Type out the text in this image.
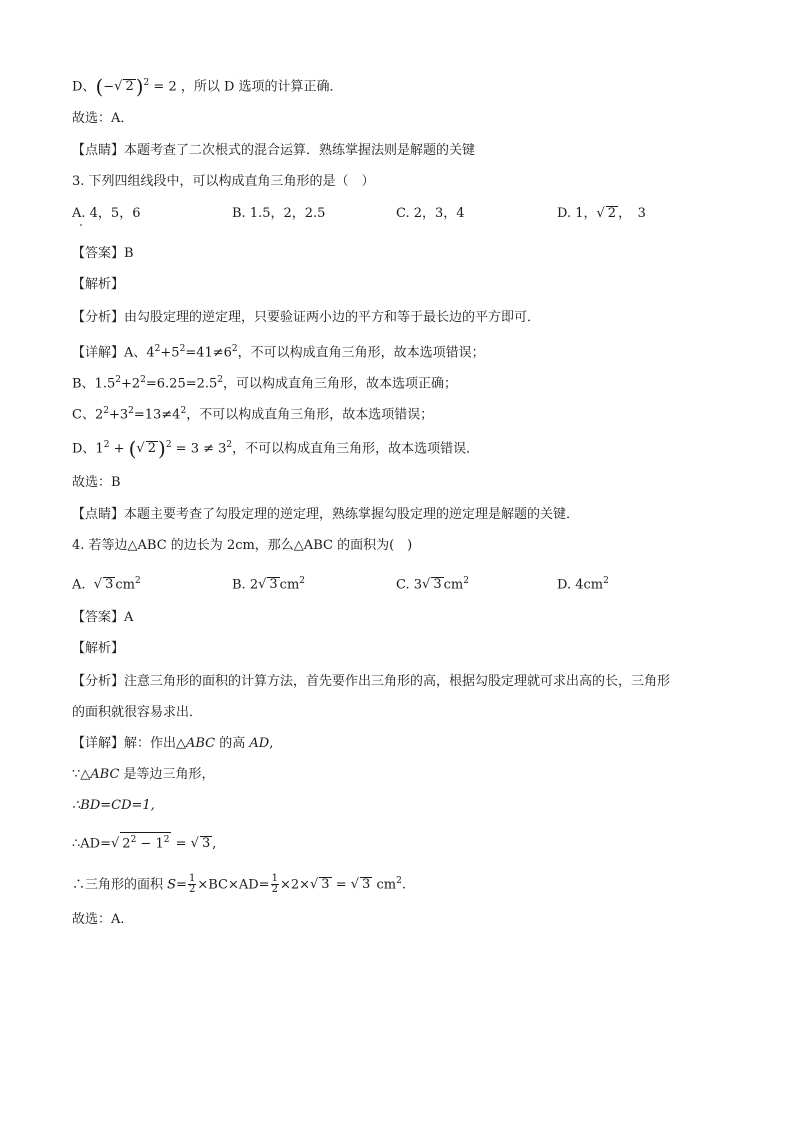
D、(−√ 2 )$^2$ = 2 ，所以 D 选项的计算正确．
故选：A．
【点睛】本题考查了二次根式的混合运算．熟练掌握法则是解题的关键
3. 下列四组线段中，可以构成直角三角形的是（　）
A. 4，5，6	B. 1.5，2，2.5	C. 2，3，4	D. 1，√ 2 ，　3
【答案】B
【解析】
【分析】由勾股定理的逆定理，只要验证两小边的平方和等于最长边的平方即可．
【详解】A、$4^2+5^2=41\ne 6^2$，不可以构成直角三角形，故本选项错误；
B、$1.5^2+2^2=6.25=2.5^2$，可以构成直角三角形，故本选项正确；
C、$2^2+3^2=13\ne 4^2$，不可以构成直角三角形，故本选项错误；
D、$1^2$ + (√ 2 )$^2 = 3 \ne 3^2$，不可以构成直角三角形，故本选项错误．
故选：B
【点睛】本题主要考查了勾股定理的逆定理，熟练掌握勾股定理的逆定理是解题的关键．
4. 若等边△ABC 的边长为 2cm，那么△ABC 的面积为(　)
A. √ 3 $cm^2$	B. 2√ 3 $cm^2$	C. 3√ 3 $cm^2$	D. $4cm^2$
【答案】A
【解析】
【分析】注意三角形的面积的计算方法，首先要作出三角形的高，根据勾股定理就可求出高的长，三角形
的面积就很容易求出．
【详解】解：作出△ABC 的高 AD,
∵△ABC 是等边三角形，
∴BD=CD=1,
∴AD=√ $2^2 - 1^2$ = √ 3 ,
∴三角形的面积 $S= \frac{1}{2} \times BC\times AD= \frac{1}{2} \times 2\times√$ 3 = √ 3 $cm^2$.
故选：A.
